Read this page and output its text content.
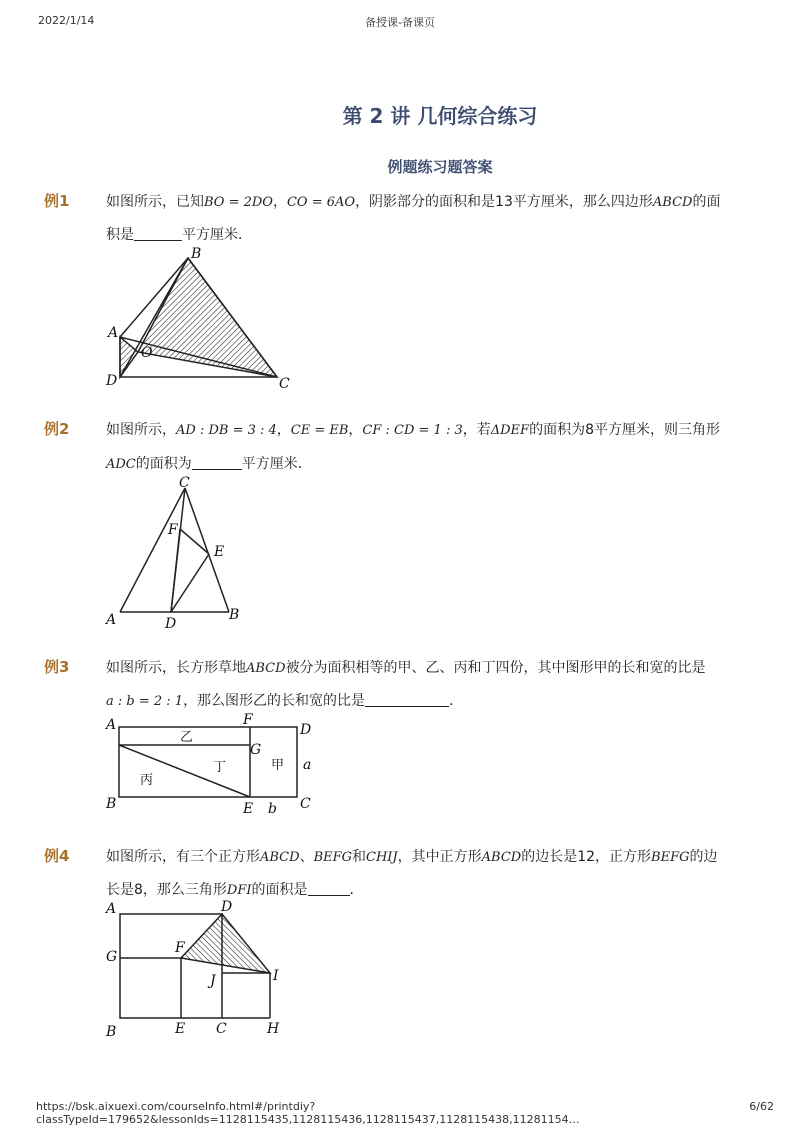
2022/1/14	备授课-备课页
https://bsk.aixuexi.com/courseInfo.html#/printdiy?classTypeId=179652&lessonIds=1128115435,1128115436,1128115437,1128115438,11281154…
6/62
第 2 讲 几何综合练习
例题练习题答案
例1	如图所示，已知BO = 2DO，CO = 6AO，阴影部分的面积和是13平方厘米，那么四边形ABCD的面
积是	平方厘米．
A
B
C
D
O
例2	如图所示，AD : DB = 3 : 4，CE = EB，CF : CD = 1 : 3，若ΔDEF的面积为8平方厘米，则三角形
ADC的面积为	平方厘米．
A	B
C
D
E
F
例3	如图所示，长方形草地ABCD被分为面积相等的甲、乙、丙和丁四份，其中图形甲的长和宽的比是
a : b = 2 : 1，那么图形乙的长和宽的比是	．
A
B	C
D
E
F
G
a
b
甲
乙
丙
丁
例4	如图所示，有三个正方形ABCD、BEFG和CHIJ，其中正方形ABCD的边长是12，正方形BEFG的边
长是8，那么三角形DFI的面积是	．
A
B	C
D
E
F
G
H
I
J
